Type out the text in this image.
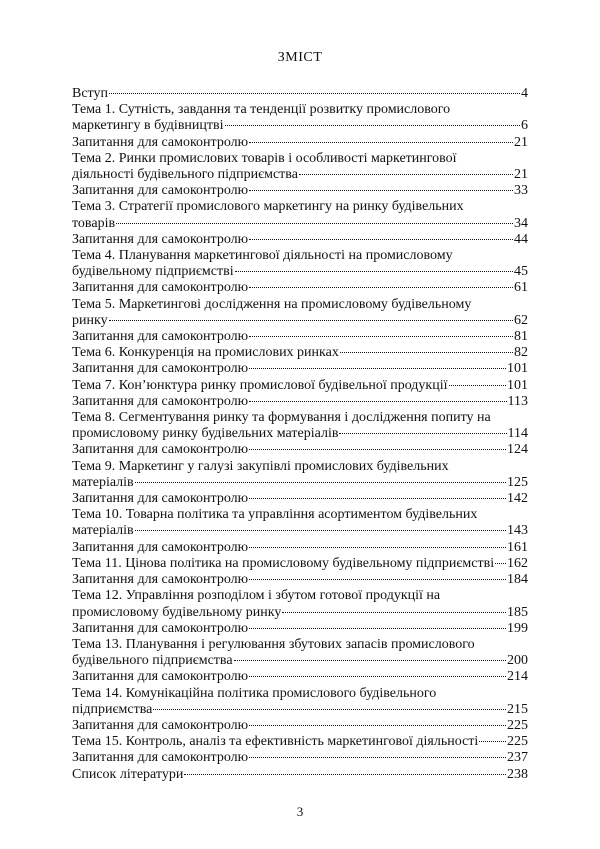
ЗМІСТ
Вступ	4
Тема 1. Сутність, завдання та тенденції розвитку промислового
маркетингу в будівництві	6
Запитання для самоконтролю	21
Тема 2. Ринки промислових товарів і особливості маркетингової
діяльності будівельного підприємства	21
Запитання для самоконтролю	33
Тема 3. Стратегії промислового маркетингу на ринку будівельних
товарів	34
Запитання для самоконтролю	44
Тема 4. Планування маркетингової діяльності на промисловому
будівельному підприємстві	45
Запитання для самоконтролю	61
Тема 5. Маркетингові дослідження на промисловому будівельному
ринку	62
Запитання для самоконтролю	81
Тема 6. Конкуренція на промислових ринках	82
Запитання для самоконтролю	101
Тема 7. Кон’юнктура ринку промислової будівельної продукції	101
Запитання для самоконтролю	113
Тема 8. Сегментування ринку та формування і дослідження попиту на
промисловому ринку будівельних матеріалів	114
Запитання для самоконтролю	124
Тема 9. Маркетинг у галузі закупівлі промислових будівельних
матеріалів	125
Запитання для самоконтролю	142
Тема 10. Товарна політика та управління асортиментом будівельних
матеріалів	143
Запитання для самоконтролю	161
Тема 11. Цінова політика на промисловому будівельному підприємстві 162
Запитання для самоконтролю	184
Тема 12. Управління розподілом і збутом готової продукції на
промисловому будівельному ринку	185
Запитання для самоконтролю	199
Тема 13. Планування і регулювання збутових запасів промислового
будівельного підприємства	200
Запитання для самоконтролю	214
Тема 14. Комунікаційна політика промислового будівельного
підприємства	215
Запитання для самоконтролю	225
Тема 15. Контроль, аналіз та ефективність маркетингової діяльності 225
Запитання для самоконтролю	237
Список літератури	238
3
